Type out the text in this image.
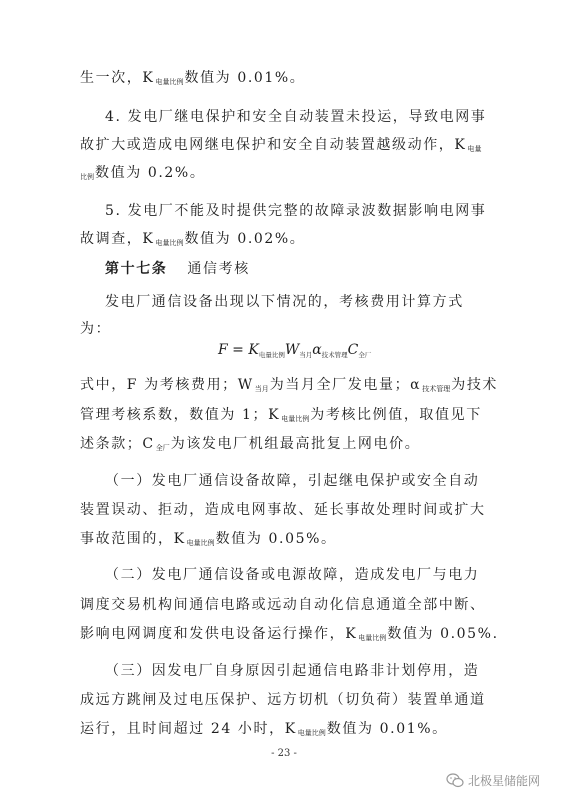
生一次，$K_{电量比例}$数值为 0.01%。
4. 发电厂继电保护和安全自动装置未投运，导致电网事
故扩大或造成电网继电保护和安全自动装置越级动作，$K_{电量}$
$_{比例}$数值为 0.2%。
5. 发电厂不能及时提供完整的故障录波数据影响电网事
故调查，$K_{电量比例}$数值为 0.02%。
第十七条 通信考核
发电厂通信设备出现以下情况的，考核费用计算方式
为：
$F = K_{电量比例}W_{当月}\alpha_{技术管理}C_{全厂}$
式中，F 为考核费用；$W_{当月}$为当月全厂发电量；$\alpha_{技术管理}$为技术
管理考核系数，数值为 1；$K_{电量比例}$为考核比例值，取值见下
述条款；$C_{全厂}$为该发电厂机组最高批复上网电价。
（一）发电厂通信设备故障，引起继电保护或安全自动
装置误动、拒动，造成电网事故、延长事故处理时间或扩大
事故范围的，$K_{电量比例}$数值为 0.05%。
（二）发电厂通信设备或电源故障，造成发电厂与电力
调度交易机构间通信电路或远动自动化信息通道全部中断、
影响电网调度和发供电设备运行操作，$K_{电量比例}$数值为 0.05%.
（三）因发电厂自身原因引起通信电路非计划停用，造
成远方跳闸及过电压保护、远方切机（切负荷）装置单通道
运行，且时间超过 24 小时，$K_{电量比例}$数值为 0.01%。
- 23 -
北极星储能网
